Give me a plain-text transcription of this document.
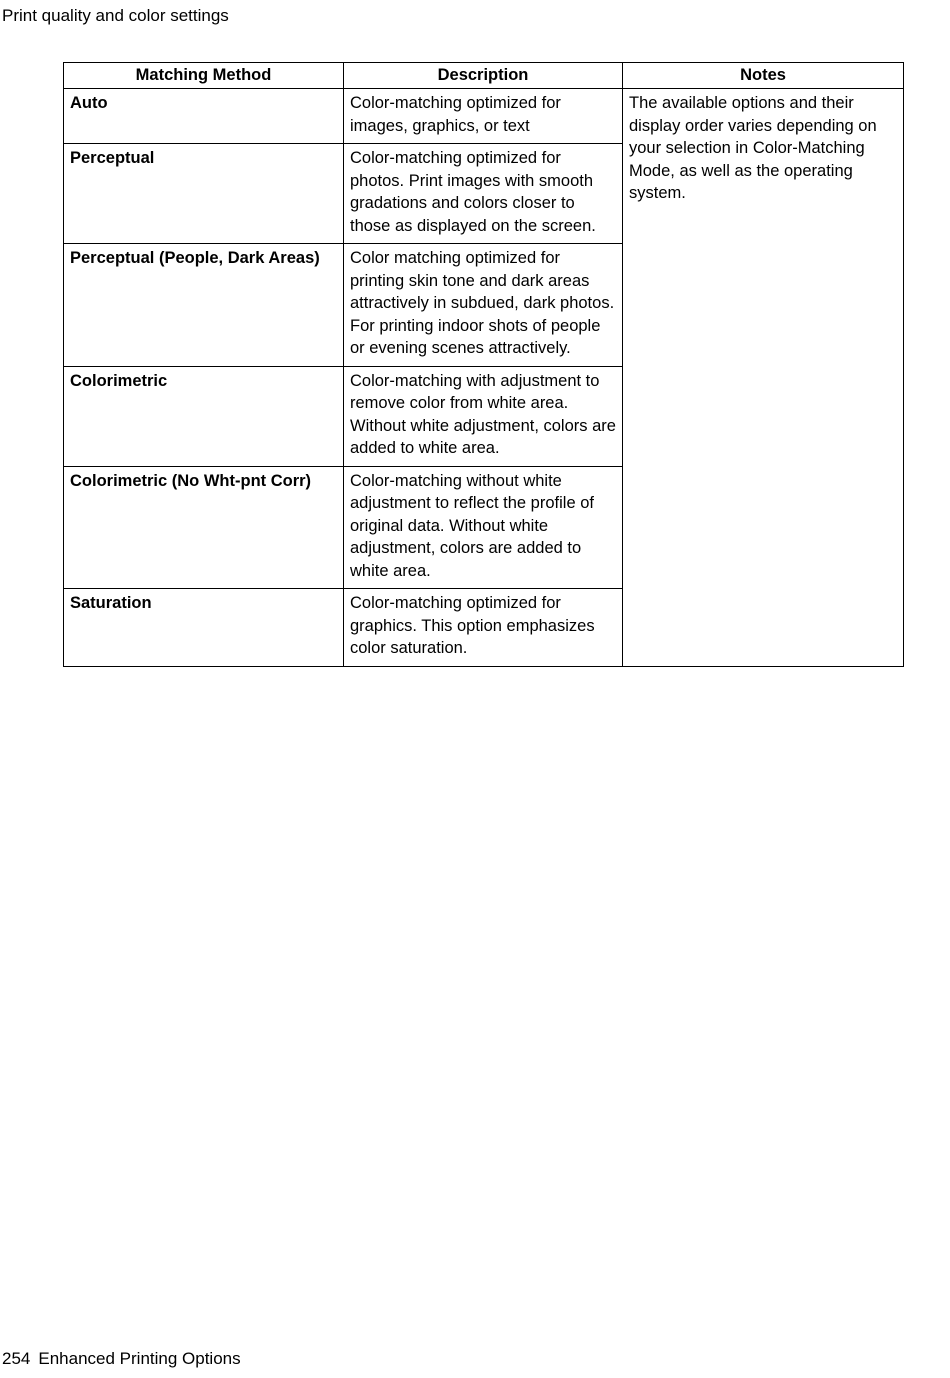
Print quality and color settings
Matching Method	Description	Notes
Auto	Color-matching optimized for images, graphics, or text	The available options and their display order varies depending on your selection in Color-Matching Mode, as well as the operating system.
Perceptual	Color-matching optimized for photos. Print images with smooth gradations and colors closer to those as displayed on the screen.	
Perceptual (People, Dark Areas)	Color matching optimized for printing skin tone and dark areas attractively in subdued, dark photos. For printing indoor shots of people or evening scenes attractively.	
Colorimetric	Color-matching with adjustment to remove color from white area. Without white adjustment, colors are added to white area.	
Colorimetric (No Wht-pnt Corr)	Color-matching without white adjustment to reflect the profile of original data. Without white adjustment, colors are added to white area.	
Saturation	Color-matching optimized for graphics. This option emphasizes color saturation.	
254 Enhanced Printing Options
